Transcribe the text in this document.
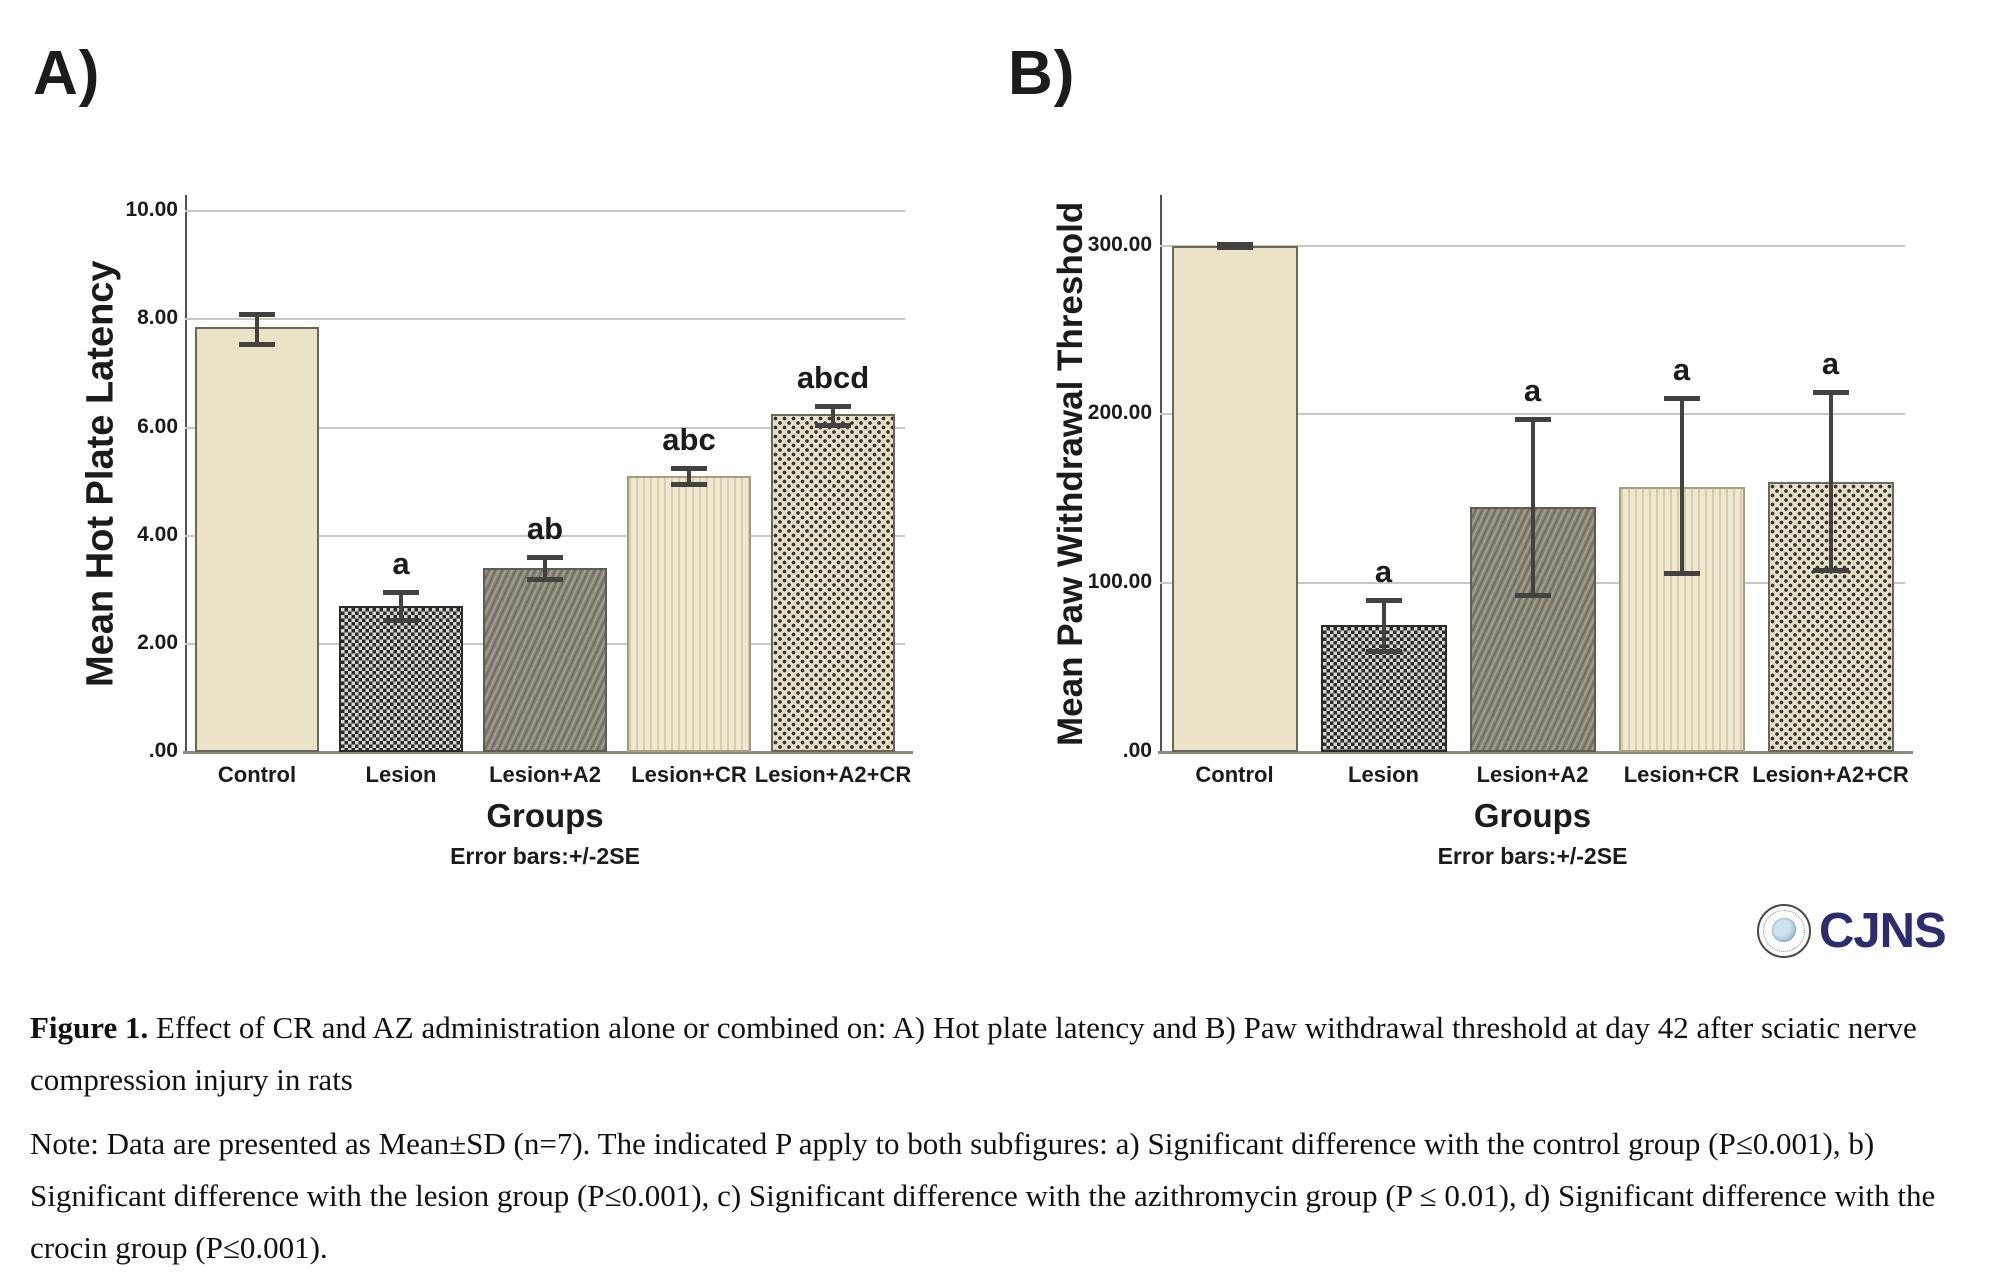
A)	B)
Mean Hot Plate Latency
Groups
Error bars:+/-2SE
Mean Paw Withdrawal Threshold
Groups
Error bars:+/-2SE
CJNS
Figure 1. Effect of CR and AZ administration alone or combined on: A) Hot plate latency and B) Paw withdrawal threshold at day 42 after sciatic nerve compression injury in rats
Note: Data are presented as Mean±SD (n=7). The indicated P apply to both subfigures: a) Significant difference with the control group (P≤0.001), b) Significant difference with the lesion group (P≤0.001), c) Significant difference with the azithromycin group (P ≤ 0.01), d) Significant difference with the crocin group (P≤0.001).
.00
2.00
4.00
6.00
8.00
10.00
Control
a
Lesion
ab
Lesion+A2
abc
Lesion+CR
abcd
Lesion+A2+CR
.00
100.00
200.00
300.00
Control
a
Lesion
a
Lesion+A2
a
Lesion+CR
a
Lesion+A2+CR
